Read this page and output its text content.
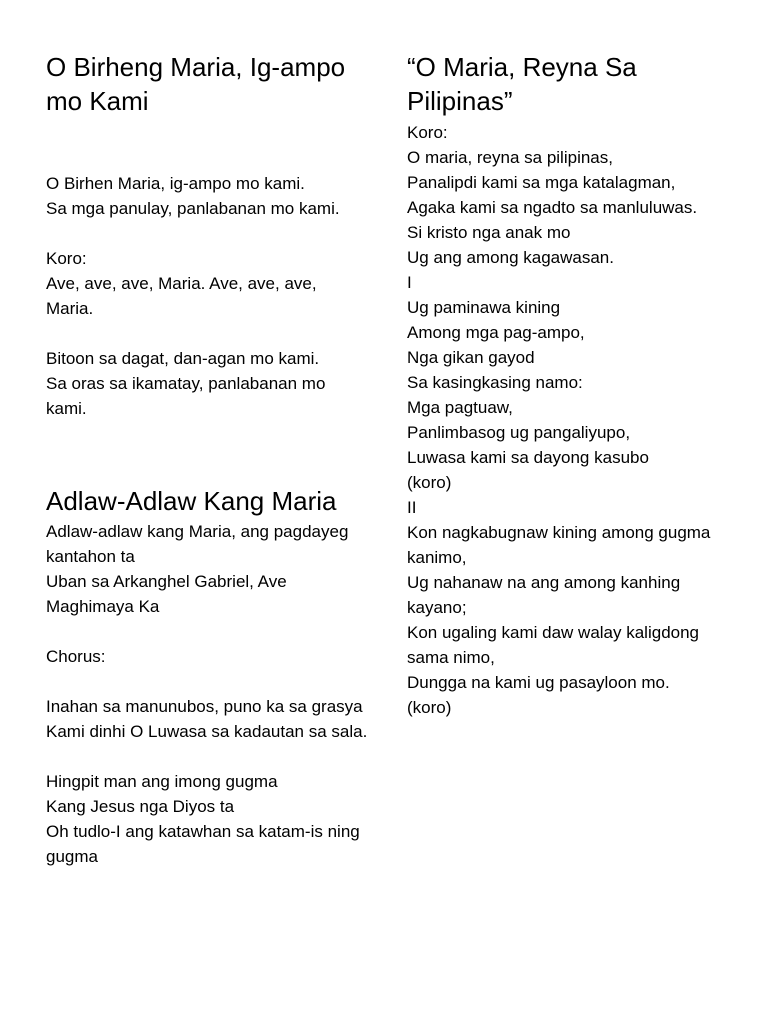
O Birheng Maria, Ig-ampo mo Kami
O Birhen Maria, ig-ampo mo kami.
Sa mga panulay, panlabanan mo kami.
Koro:
Ave, ave, ave, Maria. Ave, ave, ave, Maria.
Bitoon sa dagat, dan-agan mo kami.
Sa oras sa ikamatay, panlabanan mo kami.
Adlaw-Adlaw Kang Maria
Adlaw-adlaw kang Maria, ang pagdayeg kantahon ta
Uban sa Arkanghel Gabriel, Ave Maghimaya Ka
Chorus:
Inahan sa manunubos, puno ka sa grasya
Kami dinhi O Luwasa sa kadautan sa sala.
Hingpit man ang imong gugma
Kang Jesus nga Diyos ta
Oh tudlo-I ang katawhan sa katam-is ning gugma
“O Maria, Reyna Sa Pilipinas”
Koro:
O maria, reyna sa pilipinas,
Panalipdi kami sa mga katalagman,
Agaka kami sa ngadto sa manluluwas.
Si kristo nga anak mo
Ug ang among kagawasan.
I
Ug paminawa kining
Among mga pag-ampo,
Nga gikan gayod
Sa kasingkasing namo:
Mga pagtuaw,
Panlimbasog ug pangaliyupo,
Luwasa kami sa dayong kasubo
(koro)
II
Kon nagkabugnaw kining among gugma kanimo,
Ug nahanaw na ang among kanhing kayano;
Kon ugaling kami daw walay kaligdong sama nimo,
Dungga na kami ug pasayloon mo.
(koro)
